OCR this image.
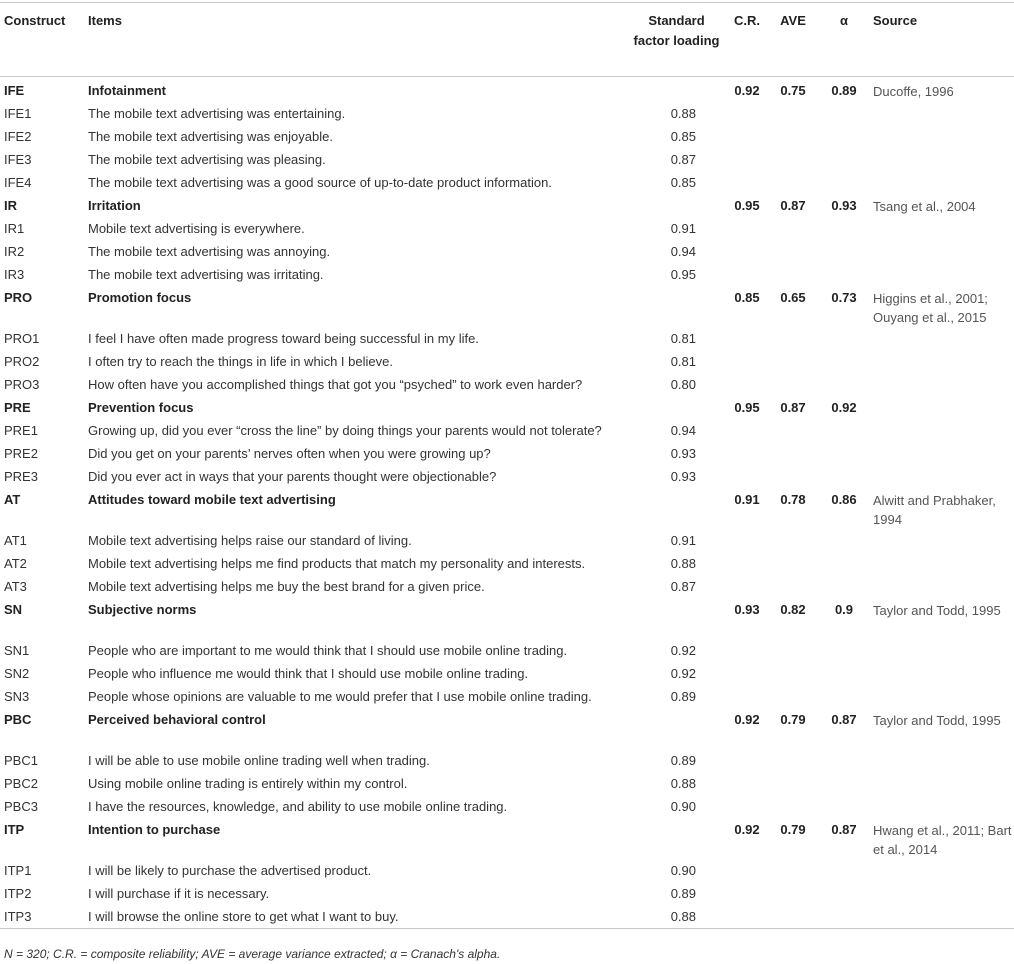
Construct	Items	Standard factor loading	C.R.	AVE	α	Source
IFE	Infotainment		0.92	0.75	0.89	Ducoffe, 1996
IFE1	The mobile text advertising was entertaining.	0.88				
IFE2	The mobile text advertising was enjoyable.	0.85				
IFE3	The mobile text advertising was pleasing.	0.87				
IFE4	The mobile text advertising was a good source of up-to-date product information.	0.85				
IR	Irritation		0.95	0.87	0.93	Tsang et al., 2004
IR1	Mobile text advertising is everywhere.	0.91				
IR2	The mobile text advertising was annoying.	0.94				
IR3	The mobile text advertising was irritating.	0.95				
PRO	Promotion focus		0.85	0.65	0.73	Higgins et al., 2001; Ouyang et al., 2015
PRO1	I feel I have often made progress toward being successful in my life.	0.81				
PRO2	I often try to reach the things in life in which I believe.	0.81				
PRO3	How often have you accomplished things that got you “psyched” to work even harder?	0.80				
PRE	Prevention focus		0.95	0.87	0.92	
PRE1	Growing up, did you ever “cross the line” by doing things your parents would not tolerate?	0.94				
PRE2	Did you get on your parents’ nerves often when you were growing up?	0.93				
PRE3	Did you ever act in ways that your parents thought were objectionable?	0.93				
AT	Attitudes toward mobile text advertising		0.91	0.78	0.86	Alwitt and Prabhaker, 1994
AT1	Mobile text advertising helps raise our standard of living.	0.91				
AT2	Mobile text advertising helps me find products that match my personality and interests.	0.88				
AT3	Mobile text advertising helps me buy the best brand for a given price.	0.87				
SN	Subjective norms		0.93	0.82	0.9	Taylor and Todd, 1995
SN1	People who are important to me would think that I should use mobile online trading.	0.92				
SN2	People who influence me would think that I should use mobile online trading.	0.92				
SN3	People whose opinions are valuable to me would prefer that I use mobile online trading.	0.89				
PBC	Perceived behavioral control		0.92	0.79	0.87	Taylor and Todd, 1995
PBC1	I will be able to use mobile online trading well when trading.	0.89				
PBC2	Using mobile online trading is entirely within my control.	0.88				
PBC3	I have the resources, knowledge, and ability to use mobile online trading.	0.90				
ITP	Intention to purchase		0.92	0.79	0.87	Hwang et al., 2011; Bart et al., 2014
ITP1	I will be likely to purchase the advertised product.	0.90				
ITP2	I will purchase if it is necessary.	0.89				
ITP3	I will browse the online store to get what I want to buy.	0.88				
N = 320; C.R. = composite reliability; AVE = average variance extracted; α = Cranach's alpha.
